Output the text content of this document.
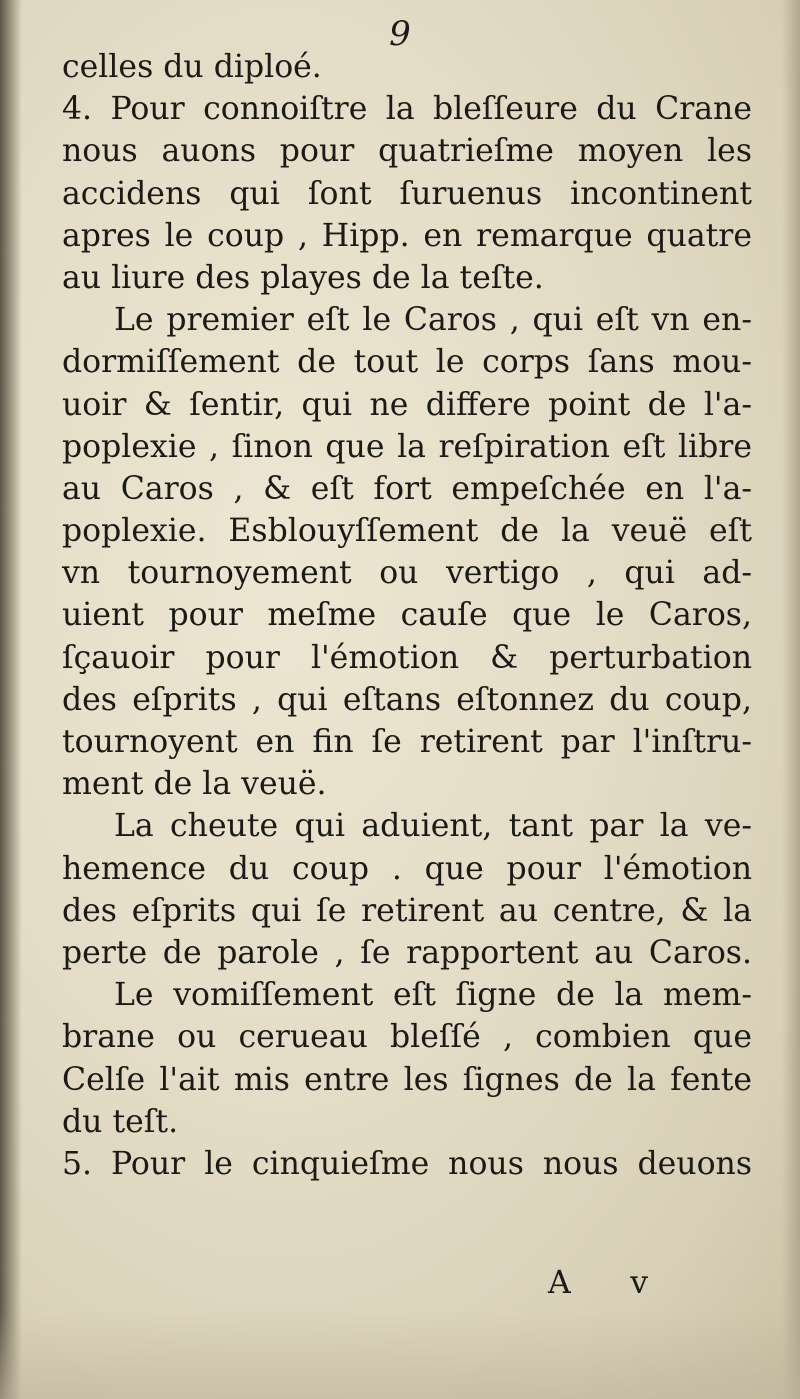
9
celles du diploé.
4. Pour connoiſtre la bleſſeure du Crane
nous auons pour quatrieſme moyen les
accidens qui ſont ſuruenus incontinent
apres le coup , Hipp. en remarque quatre
au liure des playes de la teſte.
Le premier eſt le Caros , qui eſt vn en-
dormiſſement de tout le corps ſans mou-
uoir & ſentir, qui ne differe point de l'a-
poplexie , ſinon que la reſpiration eſt libre
au Caros , & eſt fort empeſchée en l'a-
poplexie. Esblouyſſement de la veuë eſt
vn tournoyement ou vertigo , qui ad-
uient pour meſme cauſe que le Caros,
ſçauoir pour l'émotion & perturbation
des eſprits , qui eſtans eſtonnez du coup,
tournoyent en fin ſe retirent par l'inſtru-
ment de la veuë.
La cheute qui aduient, tant par la ve-
hemence du coup . que pour l'émotion
des eſprits qui ſe retirent au centre, & la
perte de parole , ſe rapportent au Caros.
Le vomiſſement eſt ſigne de la mem-
brane ou cerueau bleſſé , combien que
Celſe l'ait mis entre les ſignes de la fente
du teſt.
5. Pour le cinquieſme nous nous deuons
A v
